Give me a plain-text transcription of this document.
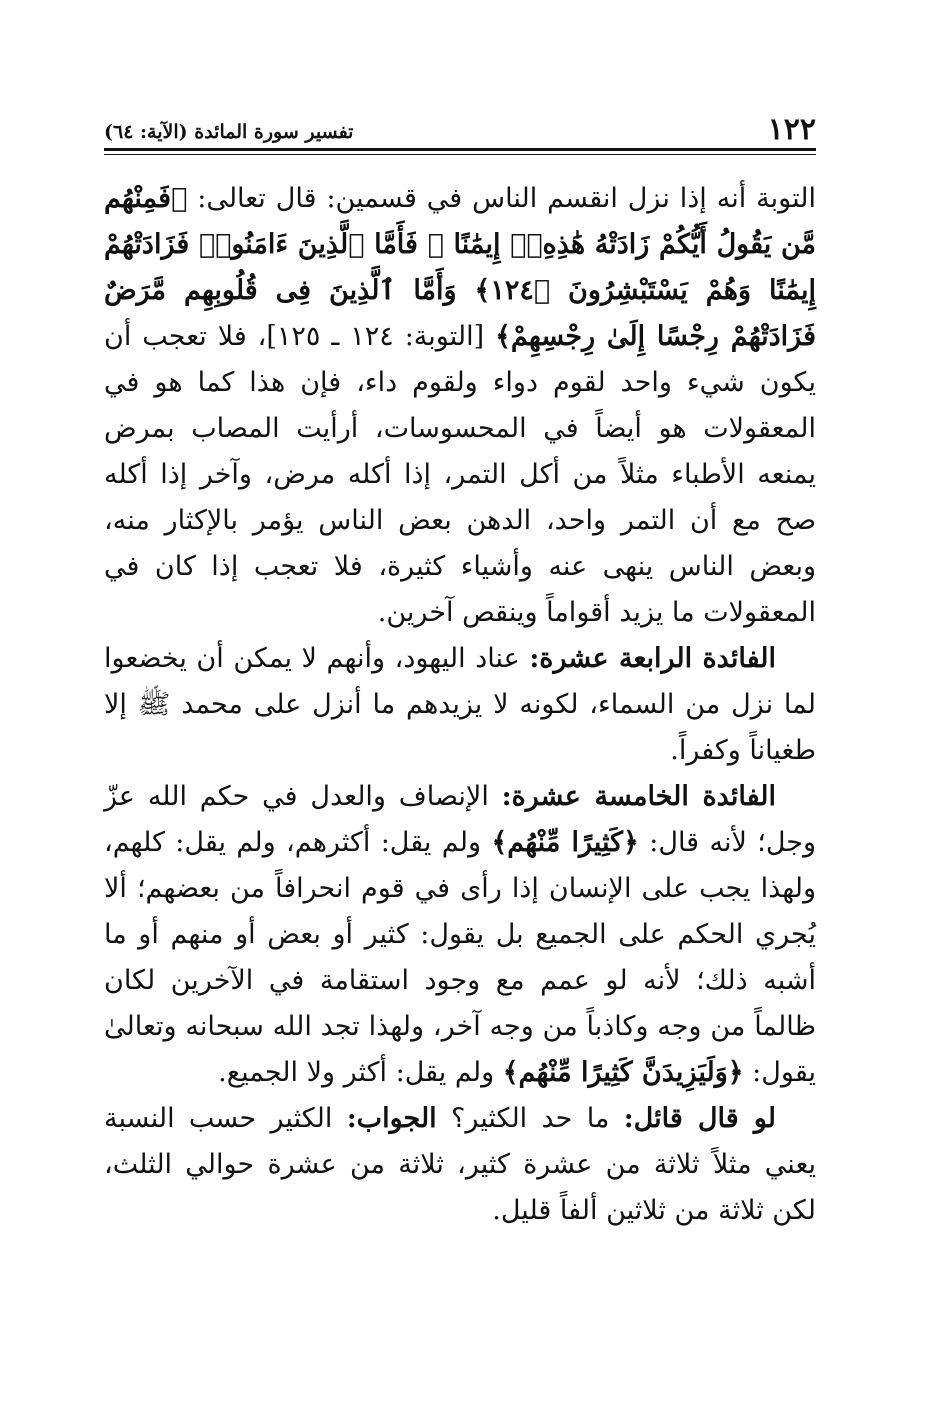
١٢٢
تفسير سورة المائدة (الآية: ٦٤)

التوبة أنه إذا نزل انقسم الناس في قسمين: قال تعالى: ﴿فَمِنْهُم مَّن يَقُولُ أَيُّكُمْ زَادَتْهُ هَٰذِهِۦٓ إِيمَٰنًا ۚ فَأَمَّا ٱلَّذِينَ ءَامَنُوا۟ فَزَادَتْهُمْ إِيمَٰنًا وَهُمْ يَسْتَبْشِرُونَ ﴿١٢٤﴾ وَأَمَّا ٱلَّذِينَ فِى قُلُوبِهِم مَّرَضٌ فَزَادَتْهُمْ رِجْسًا إِلَىٰ رِجْسِهِمْ﴾ [التوبة: ١٢٤ ـ ١٢٥]، فلا تعجب أن يكون شيء واحد لقوم دواء ولقوم داء، فإن هذا كما هو في المعقولات هو أيضاً في المحسوسات، أرأيت المصاب بمرض يمنعه الأطباء مثلاً من أكل التمر، إذا أكله مرض، وآخر إذا أكله صح مع أن التمر واحد، الدهن بعض الناس يؤمر بالإكثار منه، وبعض الناس ينهى عنه وأشياء كثيرة، فلا تعجب إذا كان في المعقولات ما يزيد أقواماً وينقص آخرين.

الفائدة الرابعة عشرة: عناد اليهود، وأنهم لا يمكن أن يخضعوا لما نزل من السماء، لكونه لا يزيدهم ما أنزل على محمد ﷺ إلا طغياناً وكفراً.

الفائدة الخامسة عشرة: الإنصاف والعدل في حكم الله عزّ وجل؛ لأنه قال: ﴿كَثِيرًا مِّنْهُم﴾ ولم يقل: أكثرهم، ولم يقل: كلهم، ولهذا يجب على الإنسان إذا رأى في قوم انحرافاً من بعضهم؛ ألا يُجري الحكم على الجميع بل يقول: كثير أو بعض أو منهم أو ما أشبه ذلك؛ لأنه لو عمم مع وجود استقامة في الآخرين لكان ظالماً من وجه وكاذباً من وجه آخر، ولهذا تجد الله سبحانه وتعالىٰ يقول: ﴿وَلَيَزِيدَنَّ كَثِيرًا مِّنْهُم﴾ ولم يقل: أكثر ولا الجميع.

لو قال قائل: ما حد الكثير؟ الجواب: الكثير حسب النسبة يعني مثلاً ثلاثة من عشرة كثير، ثلاثة من عشرة حوالي الثلث، لكن ثلاثة من ثلاثين ألفاً قليل.
